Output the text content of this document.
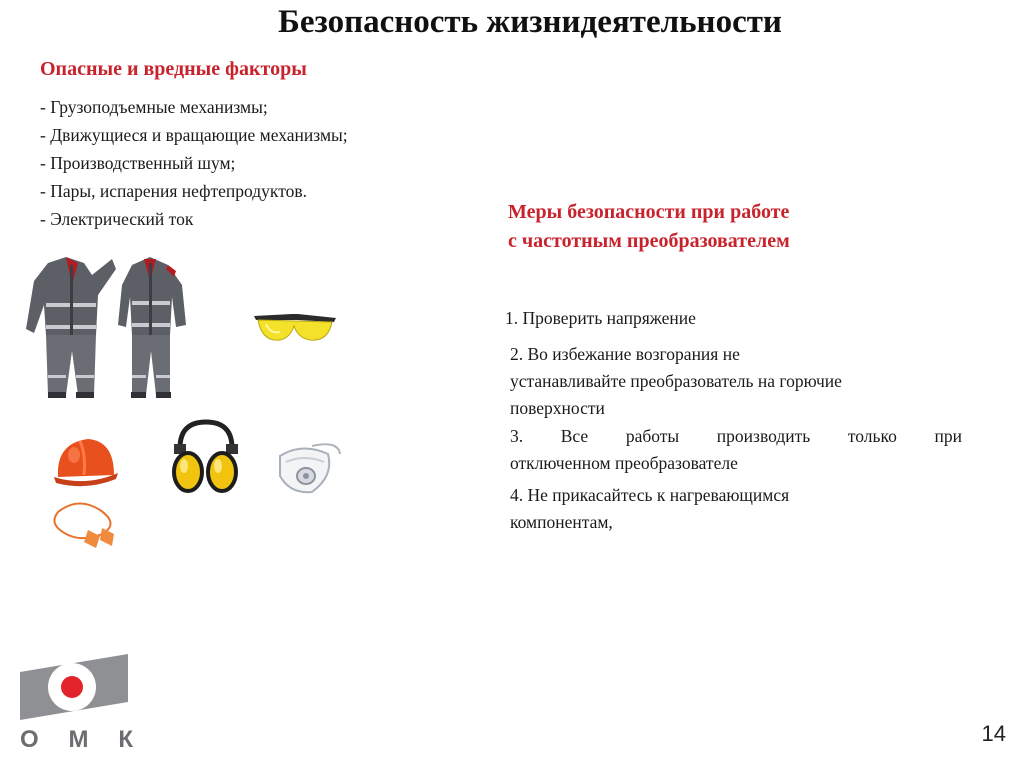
Безопасность жизнидеятельности
Опасные и вредные факторы
- Грузоподъемные механизмы;
- Движущиеся и вращающие механизмы;
- Производственный шум;
- Пары, испарения нефтепродуктов.
- Электрический ток	Меры безопасности при работе
с частотным преобразователем
1. Проверить напряжение
2. Во избежание возгорания не
устанавливайте преобразователь на горючие
поверхности
3. Все работы производить только при
отключенном преобразователе
4. Не прикасайтесь к нагревающимся
компонентам,
О М К	14
